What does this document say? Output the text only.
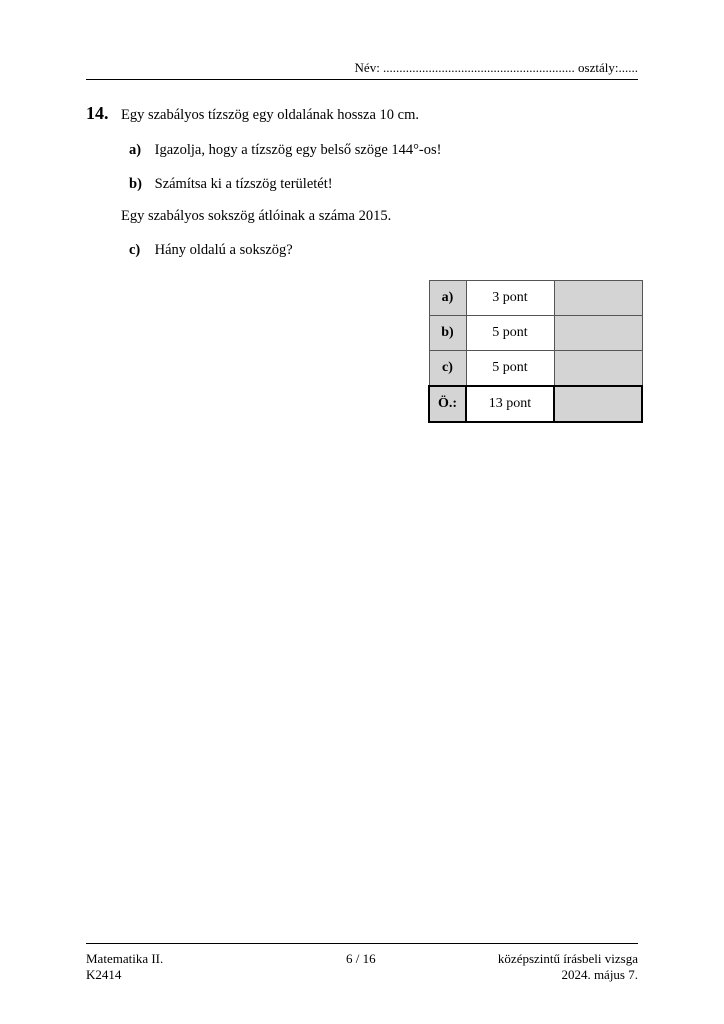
Név: ........................................................... osztály:......
14. Egy szabályos tízszög egy oldalának hossza 10 cm.
a) Igazolja, hogy a tízszög egy belső szöge 144°-os!
b) Számítsa ki a tízszög területét!
Egy szabályos sokszög átlóinak a száma 2015.
c) Hány oldalú a sokszög?
a)	3 pont	
b)	5 pont	
c)	5 pont	
Ö.:	13 pont	
Matematika II.
K2414
6 / 16	középszintű írásbeli vizsga
2024. május 7.
